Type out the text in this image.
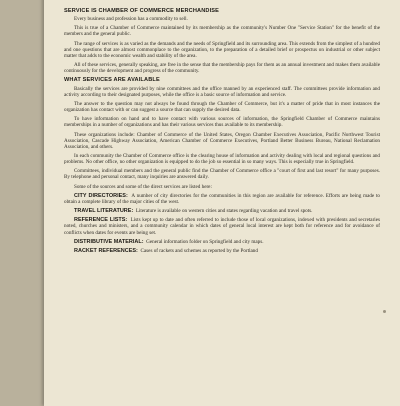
SERVICE IS CHAMBER OF COMMERCE MERCHANDISE

Every business and profession has a commodity to sell.

This is true of a Chamber of Commerce maintained by its membership as the community's Number One "Service Station" for the benefit of the members and the general public.

The range of services is as varied as the demands and the needs of Springfield and its surrounding area. This extends from the simplest of a hundred and one questions that are almost commonplace to the organization, to the preparation of a detailed brief or prospectus on industrial or other subject matter that adds to the economic wealth and stability of the area.

All of these services, generally speaking, are free in the sense that the membership pays for them as an annual investment and makes them available continuously for the development and progress of the community.

WHAT SERVICES ARE AVAILABLE

Basically the services are provided by nine committees and the office manned by an experienced staff. The committees provide information and activity according to their designated purposes, while the office is a basic source of information and service.

The answer to the question may not always be found through the Chamber of Commerce, but it's a matter of pride that in most instances the organization has contact with or can suggest a source that can supply the desired data.

To have information on hand and to have contact with various sources of information, the Springfield Chamber of Commerce maintains memberships in a number of organizations and has their various services thus available to its membership.

These organizations include: Chamber of Commerce of the United States, Oregon Chamber Executives Association, Pacific Northwest Tourist Association, Cascade Highway Association, American Chamber of Commerce Executives, Portland Better Business Bureau, National Reclamation Association, and others.

In each community the Chamber of Commerce office is the clearing house of information and activity dealing with local and regional questions and problems. No other office, no other organization is equipped to do the job so essential in so many ways. This is especially true in Springfield.

Committees, individual members and the general public find the Chamber of Commerce office a "court of first and last resort" for many purposes. By telephone and personal contact, many inquiries are answered daily.

Some of the sources and some of the direct services are listed here:

CITY DIRECTORIES: A number of city directories for the communities in this region are available for reference. Efforts are being made to obtain a complete library of the major cities of the west.

TRAVEL LITERATURE: Literature is available on western cities and states regarding vacation and travel spots.

REFERENCE LISTS: Lists kept up to date and often referred to include those of local organizations, indexed with presidents and secretaries noted, churches and ministers, and a community calendar in which dates of general local interest are kept both for reference and for avoidance of conflicts when dates for events are being set.

DISTRIBUTIVE MATERIAL: General information folder on Springfield and city maps.

RACKET REFERENCES: Cases of rackets and schemes as reported by the Portland
